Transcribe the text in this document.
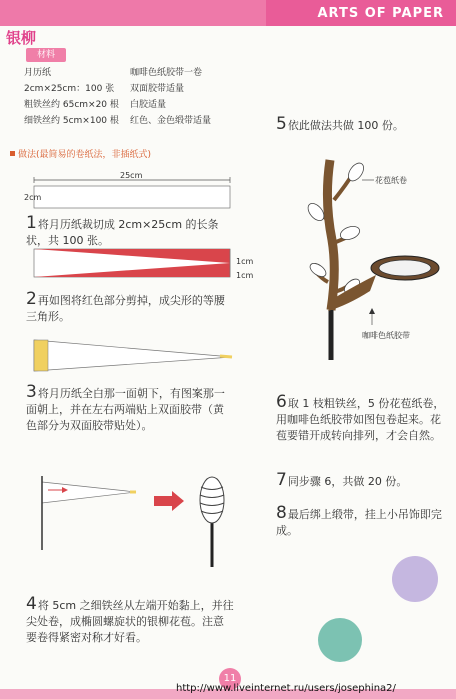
ARTS OF PAPER
银柳
材料
月历纸	咖啡色纸胶带一卷
2cm×25cm：100 张 双面胶带适量
粗铁丝约 65cm×20 根 白胶适量
细铁丝约 5cm×100 根 红色、金色缎带适量
做法(最简易的卷纸法，非插纸式)
25cm
2cm
1cm
1cm
花苞纸卷
咖啡色纸胶带
1将月历纸裁切成 2cm×25cm 的长条状，共 100 张。
2再如图将红色部分剪掉，成尖形的等腰三角形。
3将月历纸全白那一面朝下，有图案那一面朝上，并在左右两端贴上双面胶带（黄色部分为双面胶带贴处）。
4将 5cm 之细铁丝从左端开始黏上，并往尖处卷，成椭圆螺旋状的银柳花苞。注意要卷得紧密对称才好看。
5依此做法共做 100 份。
6取 1 枝粗铁丝，5 份花苞纸卷，用咖啡色纸胶带如图包卷起来。花苞要错开成转向排列，才会自然。
7同步骤 6，共做 20 份。
8最后绑上缎带，挂上小吊饰即完成。
11
http://www.liveinternet.ru/users/josephina2/
